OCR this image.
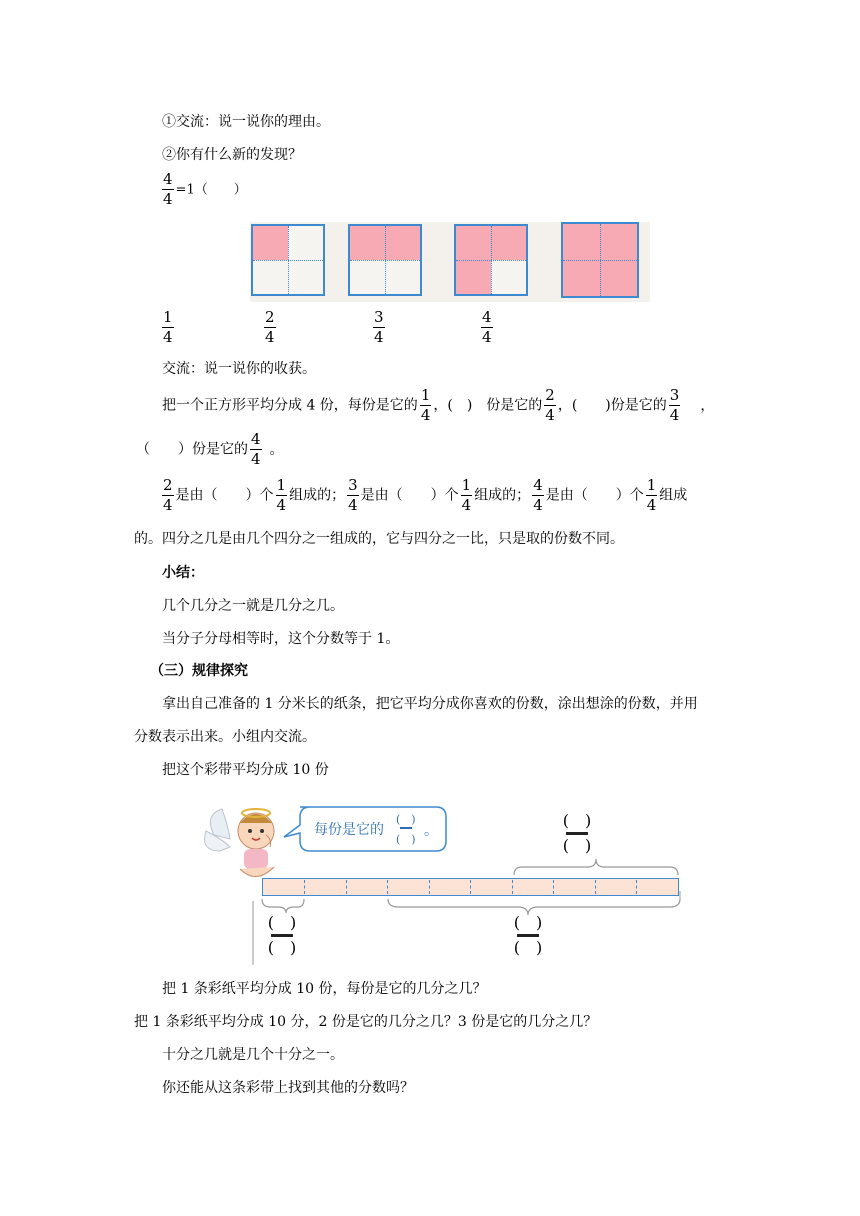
①交流：说一说你的理由。
②你有什么新的发现？
$\frac{4}{4} =1$（　　）
$\frac{1}{4}$	$\frac{2}{4}$	$\frac{3}{4}$	$\frac{4}{4}$
交流：说一说你的收获。
把一个正方形平均分成 4 份，每份是它的 $\frac{1}{4}$ ，(　)　份是它的 $\frac{2}{4}$ ，(　　)份是它的 $\frac{3}{4}$ ，
（　　）份是它的 $\frac{4}{4}$ 。
$\frac{2}{4}$ 是由（　　）个 $\frac{1}{4}$ 组成的； $\frac{3}{4}$ 是由（　　）个 $\frac{1}{4}$ 组成的； $\frac{4}{4}$ 是由（　　）个 $\frac{1}{4}$ 组成
的。四分之几是由几个四分之一组成的，它与四分之一比，只是取的份数不同。
小结：
几个几分之一就是几分之几。
当分子分母相等时，这个分数等于 1。
（三）规律探究
拿出自己准备的 1 分米长的纸条，把它平均分成你喜欢的份数，涂出想涂的份数，并用
分数表示出来。小组内交流。
把这个彩带平均分成 10 份
每份是它的
(　)
(　)
。
(　)
(　)
(　)
(　)
(　)
(　)
把 1 条彩纸平均分成 10 份，每份是它的几分之几？
把 1 条彩纸平均分成 10 分，2 份是它的几分之几？3 份是它的几分之几？
十分之几就是几个十分之一。
你还能从这条彩带上找到其他的分数吗？
